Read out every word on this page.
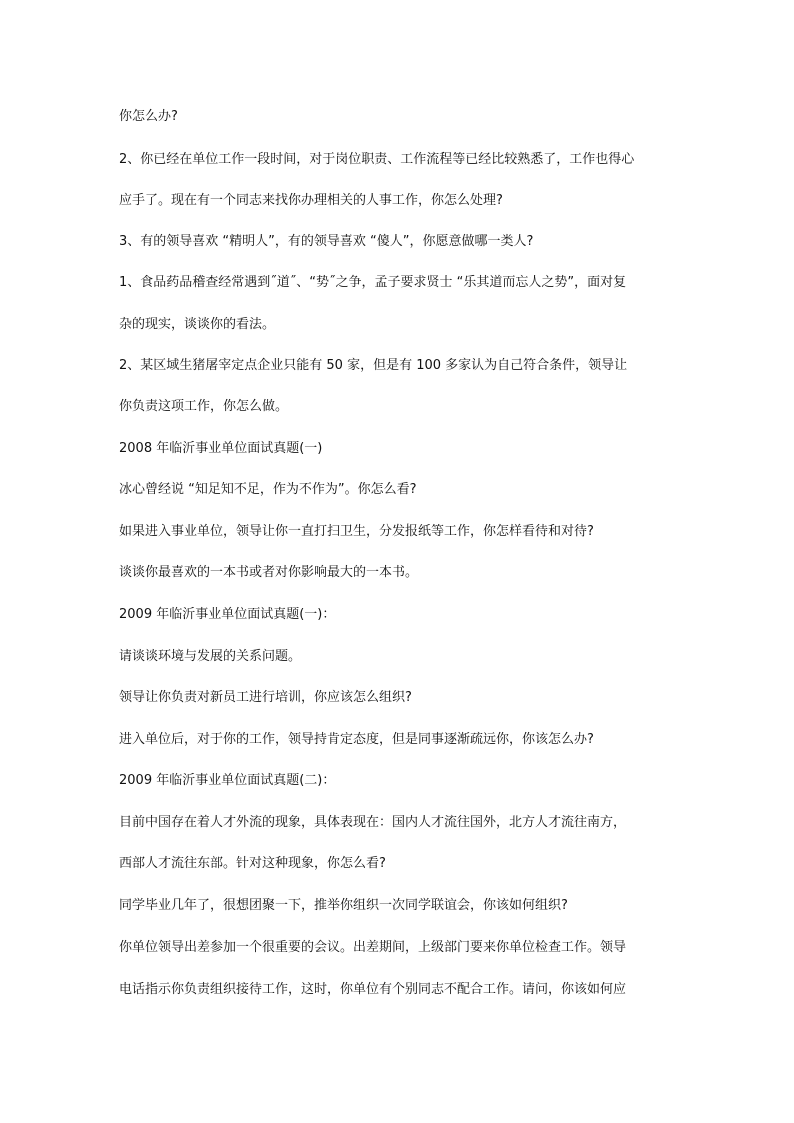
你怎么办?
2、你已经在单位工作一段时间，对于岗位职责、工作流程等已经比较熟悉了，工作也得心
应手了。现在有一个同志来找你办理相关的人事工作，你怎么处理?
3、有的领导喜欢 “精明人”，有的领导喜欢 “傻人”，你愿意做哪一类人?
1、食品药品稽查经常遇到˝道˝、“势˝之争，孟子要求贤士 “乐其道而忘人之势”，面对复
杂的现实，谈谈你的看法。
2、某区域生猪屠宰定点企业只能有 50 家，但是有 100 多家认为自己符合条件，领导让
你负责这项工作，你怎么做。
2008 年临沂事业单位面试真题(一)
冰心曾经说 “知足知不足，作为不作为”。你怎么看?
如果进入事业单位，领导让你一直打扫卫生，分发报纸等工作，你怎样看待和对待?
谈谈你最喜欢的一本书或者对你影响最大的一本书。
2009 年临沂事业单位面试真题(一)：
请谈谈环境与发展的关系问题。
领导让你负责对新员工进行培训，你应该怎么组织?
进入单位后，对于你的工作，领导持肯定态度，但是同事逐渐疏远你，你该怎么办?
2009 年临沂事业单位面试真题(二)：
目前中国存在着人才外流的现象，具体表现在：国内人才流往国外，北方人才流往南方，
西部人才流往东部。针对这种现象，你怎么看?
同学毕业几年了，很想团聚一下，推举你组织一次同学联谊会，你该如何组织?
你单位领导出差参加一个很重要的会议。出差期间，上级部门要来你单位检查工作。领导
电话指示你负责组织接待工作，这时，你单位有个别同志不配合工作。请问，你该如何应
